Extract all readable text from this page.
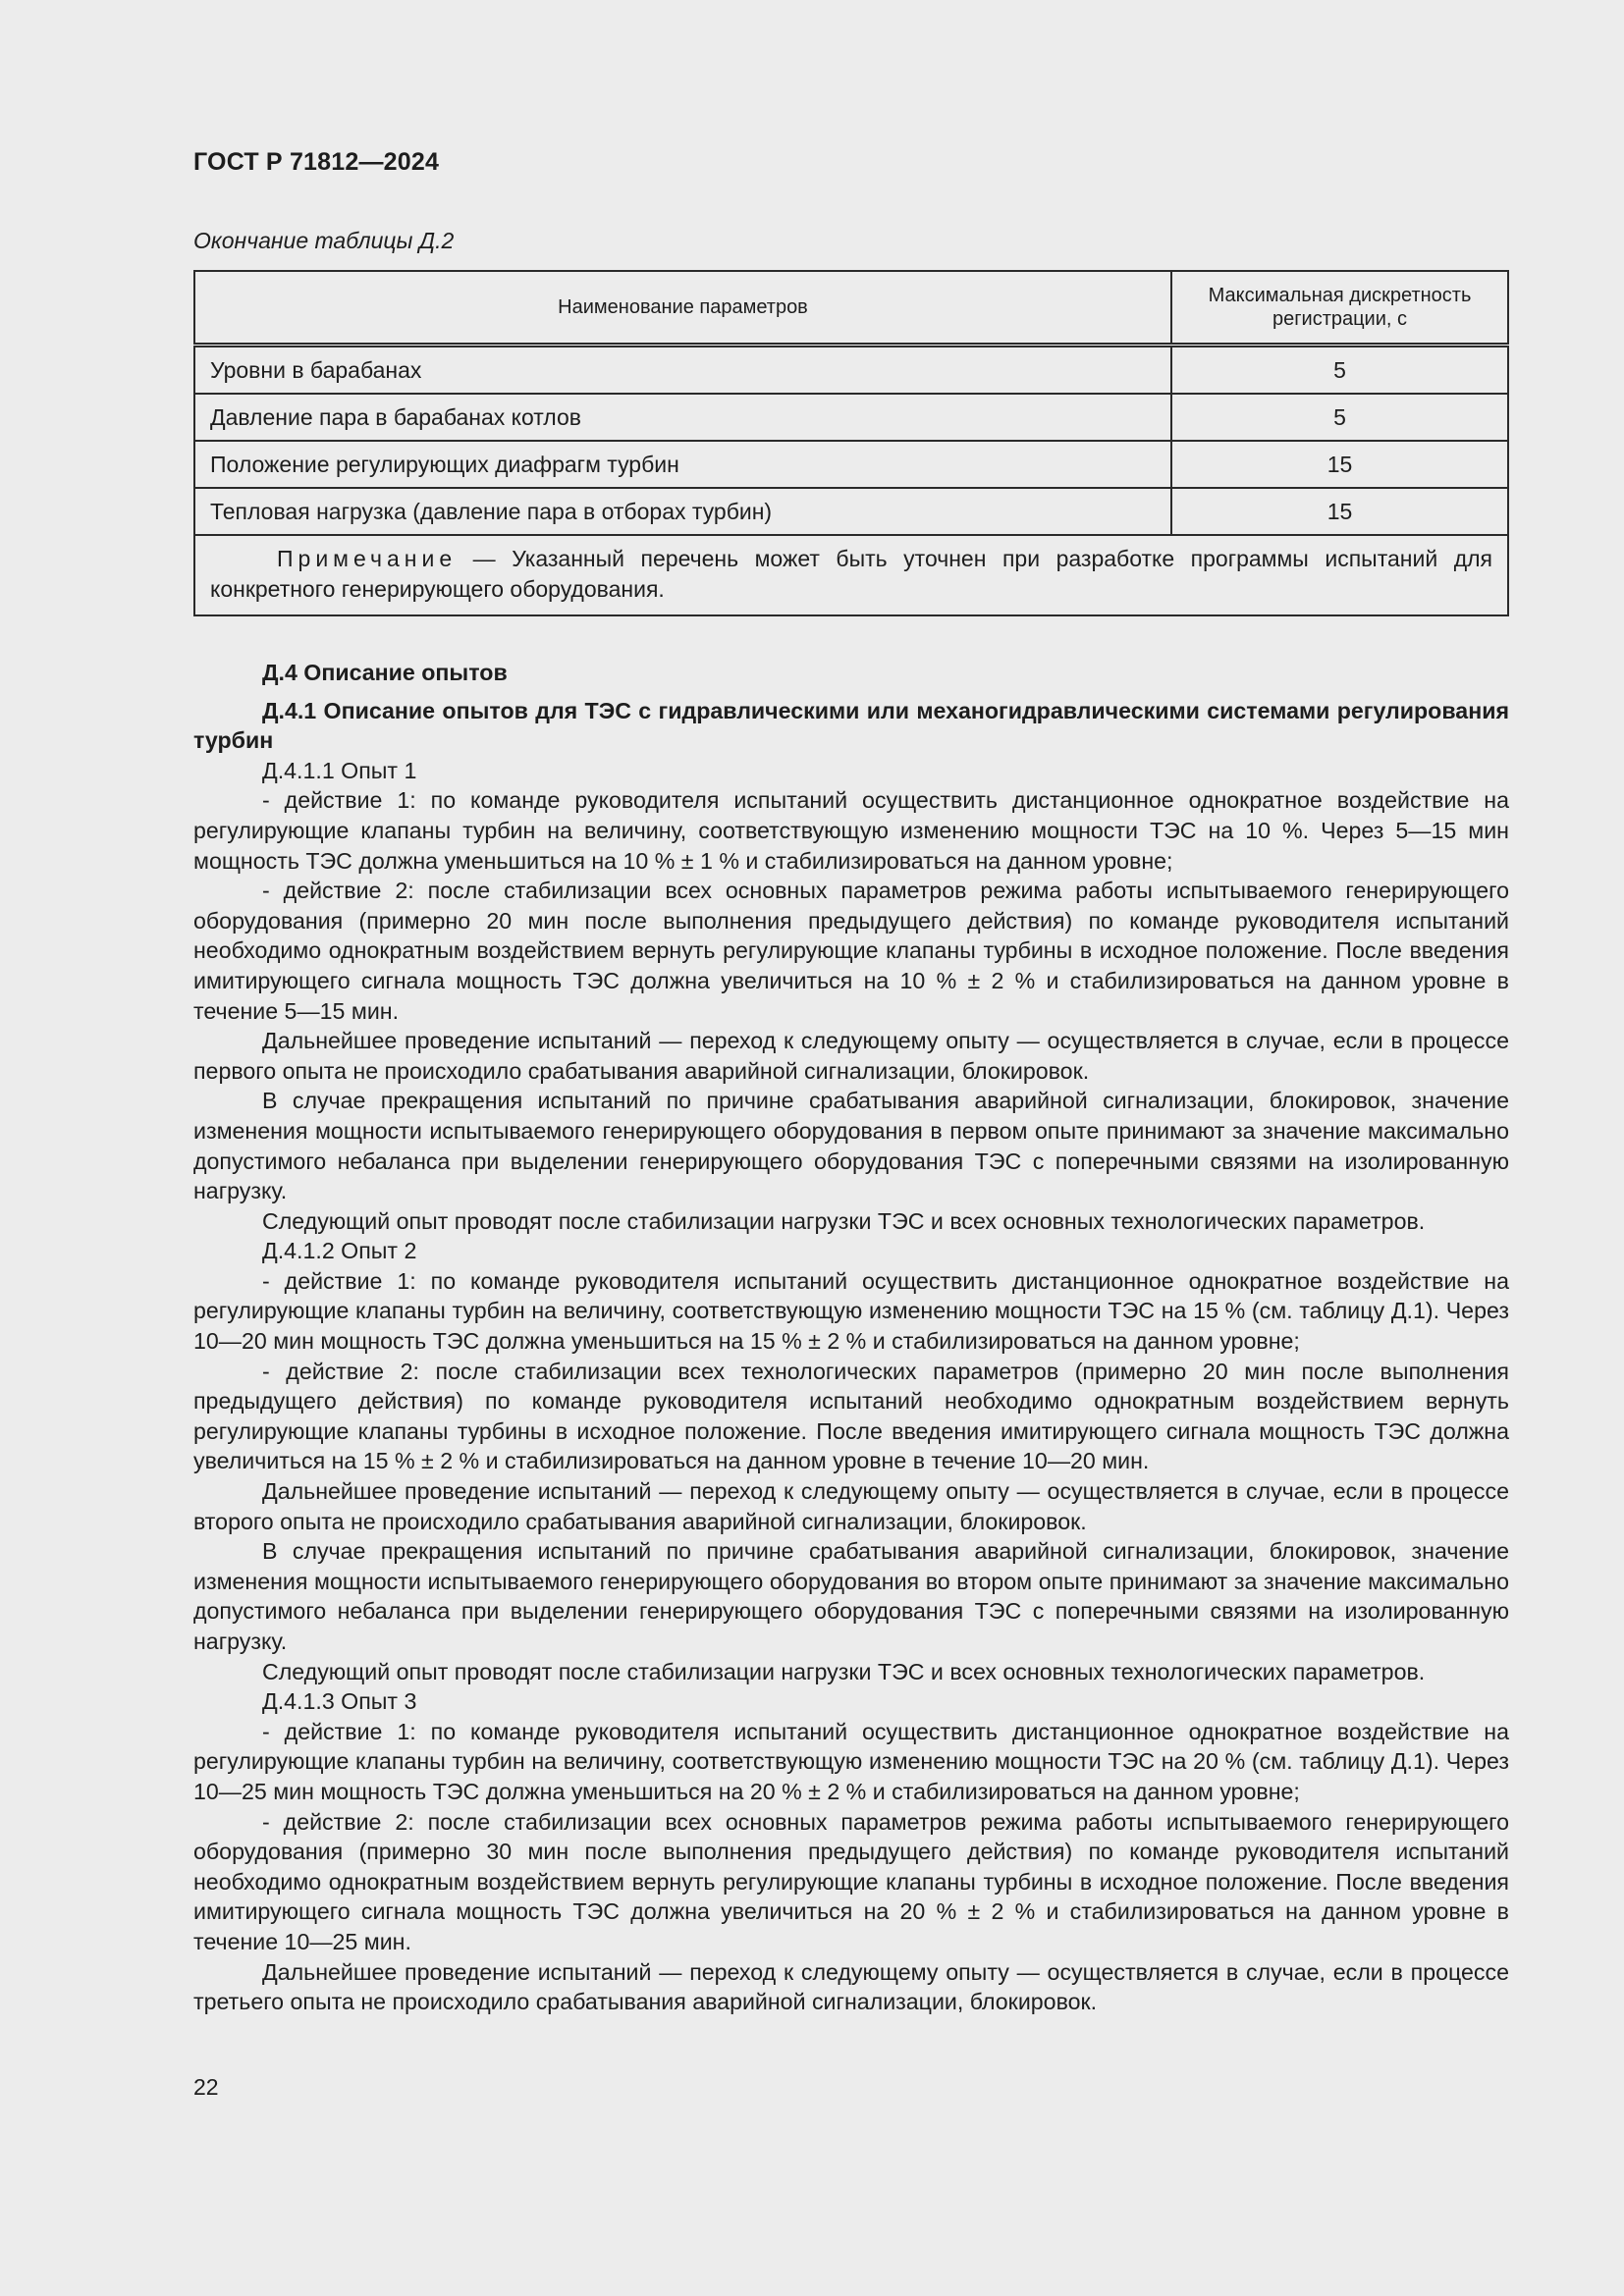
ГОСТ Р 71812—2024
Окончание таблицы Д.2
Наименование параметров	Максимальная дискретность регистрации, с
Уровни в барабанах	5
Давление пара в барабанах котлов	5
Положение регулирующих диафрагм турбин	15
Тепловая нагрузка (давление пара в отборах турбин)	15
Примечание — Указанный перечень может быть уточнен при разработке программы испытаний для конкретного генерирующего оборудования.	

Д.4 Описание опытов

Д.4.1 Описание опытов для ТЭС с гидравлическими или механогидравлическими системами регулирования турбин

Д.4.1.1 Опыт 1

- действие 1: по команде руководителя испытаний осуществить дистанционное однократное воздействие на регулирующие клапаны турбин на величину, соответствующую изменению мощности ТЭС на 10 %. Через 5—15 мин мощность ТЭС должна уменьшиться на 10 % ± 1 % и стабилизироваться на данном уровне;

- действие 2: после стабилизации всех основных параметров режима работы испытываемого генерирующего оборудования (примерно 20 мин после выполнения предыдущего действия) по команде руководителя испытаний необходимо однократным воздействием вернуть регулирующие клапаны турбины в исходное положение. После введения имитирующего сигнала мощность ТЭС должна увеличиться на 10 % ± 2 % и стабилизироваться на данном уровне в течение 5—15 мин.

Дальнейшее проведение испытаний — переход к следующему опыту — осуществляется в случае, если в процессе первого опыта не происходило срабатывания аварийной сигнализации, блокировок.

В случае прекращения испытаний по причине срабатывания аварийной сигнализации, блокировок, значение изменения мощности испытываемого генерирующего оборудования в первом опыте принимают за значение максимально допустимого небаланса при выделении генерирующего оборудования ТЭС с поперечными связями на изолированную нагрузку.

Следующий опыт проводят после стабилизации нагрузки ТЭС и всех основных технологических параметров.

Д.4.1.2 Опыт 2

- действие 1: по команде руководителя испытаний осуществить дистанционное однократное воздействие на регулирующие клапаны турбин на величину, соответствующую изменению мощности ТЭС на 15 % (см. таблицу Д.1). Через 10—20 мин мощность ТЭС должна уменьшиться на 15 % ± 2 % и стабилизироваться на данном уровне;

- действие 2: после стабилизации всех технологических параметров (примерно 20 мин после выполнения предыдущего действия) по команде руководителя испытаний необходимо однократным воздействием вернуть регулирующие клапаны турбины в исходное положение. После введения имитирующего сигнала мощность ТЭС должна увеличиться на 15 % ± 2 % и стабилизироваться на данном уровне в течение 10—20 мин.

Дальнейшее проведение испытаний — переход к следующему опыту — осуществляется в случае, если в процессе второго опыта не происходило срабатывания аварийной сигнализации, блокировок.

В случае прекращения испытаний по причине срабатывания аварийной сигнализации, блокировок, значение изменения мощности испытываемого генерирующего оборудования во втором опыте принимают за значение максимально допустимого небаланса при выделении генерирующего оборудования ТЭС с поперечными связями на изолированную нагрузку.

Следующий опыт проводят после стабилизации нагрузки ТЭС и всех основных технологических параметров.

Д.4.1.3 Опыт 3

- действие 1: по команде руководителя испытаний осуществить дистанционное однократное воздействие на регулирующие клапаны турбин на величину, соответствующую изменению мощности ТЭС на 20 % (см. таблицу Д.1). Через 10—25 мин мощность ТЭС должна уменьшиться на 20 % ± 2 % и стабилизироваться на данном уровне;

- действие 2: после стабилизации всех основных параметров режима работы испытываемого генерирующего оборудования (примерно 30 мин после выполнения предыдущего действия) по команде руководителя испытаний необходимо однократным воздействием вернуть регулирующие клапаны турбины в исходное положение. После введения имитирующего сигнала мощность ТЭС должна увеличиться на 20 % ± 2 % и стабилизироваться на данном уровне в течение 10—25 мин.

Дальнейшее проведение испытаний — переход к следующему опыту — осуществляется в случае, если в процессе третьего опыта не происходило срабатывания аварийной сигнализации, блокировок.

22
